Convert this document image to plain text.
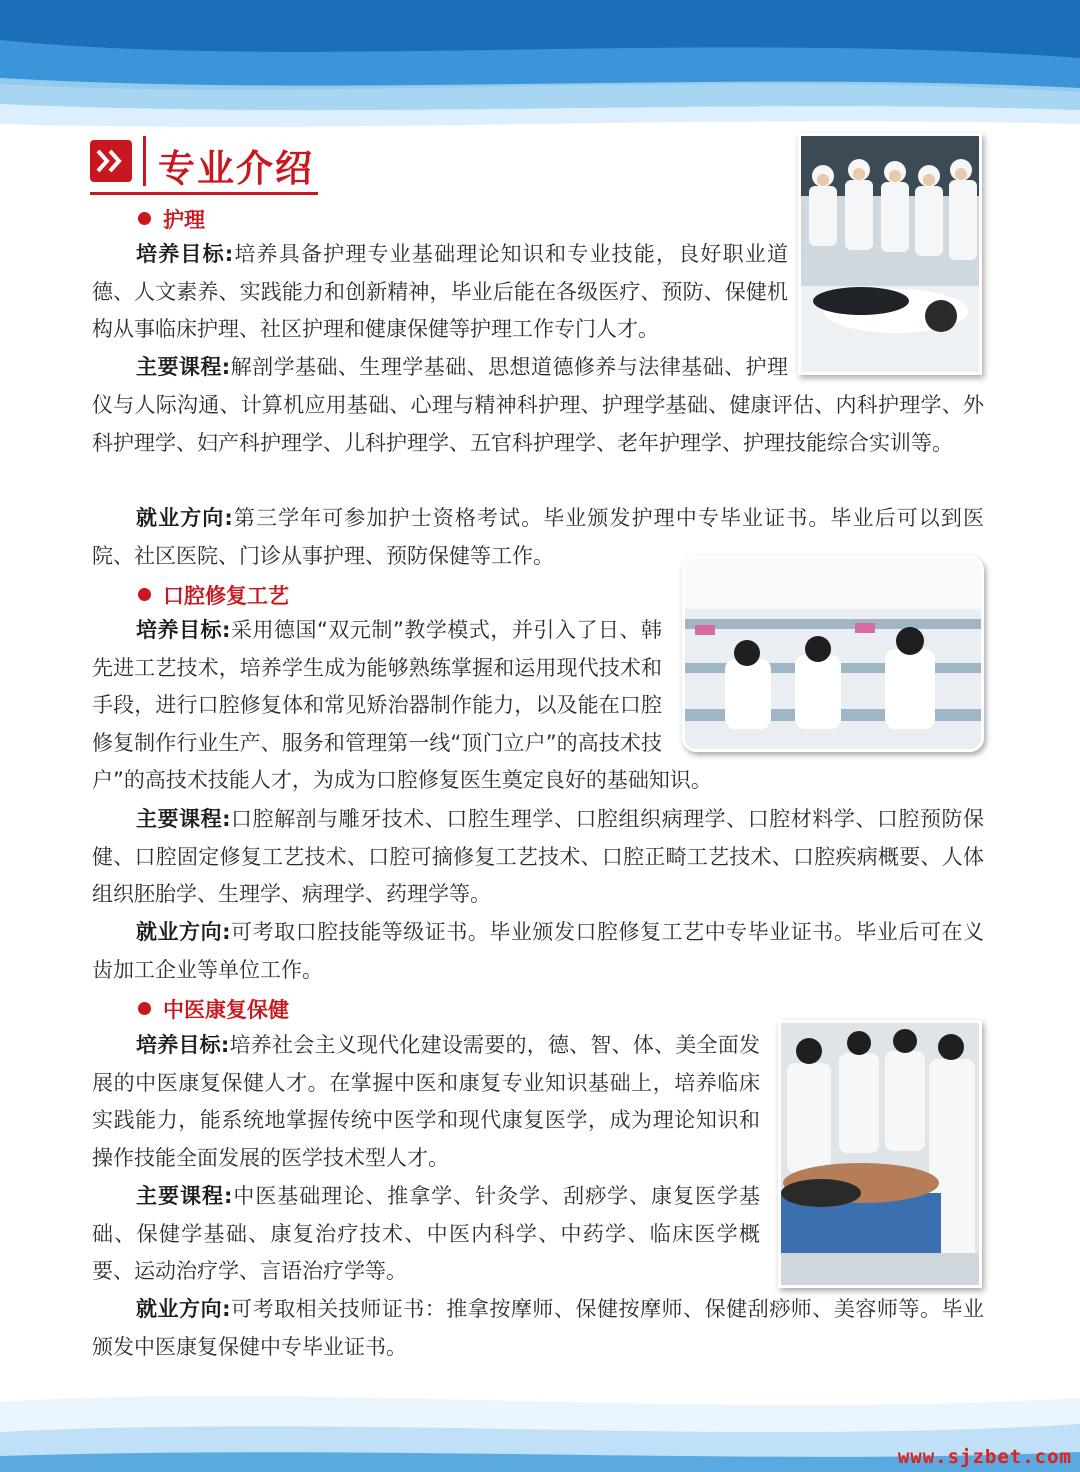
专业介绍
护理

培养目标:培养具备护理专业基础理论知识和专业技能，良好职业道德、人文素养、实践能力和创新精神，毕业后能在各级医疗、预防、保健机构从事临床护理、社区护理和健康保健等护理工作专门人才。

主要课程:解剖学基础、生理学基础、思想道德修养与法律基础、护理

仪与人际沟通、计算机应用基础、心理与精神科护理、护理学基础、健康评估、内科护理学、外科护理学、妇产科护理学、儿科护理学、五官科护理学、老年护理学、护理技能综合实训等。

就业方向:第三学年可参加护士资格考试。毕业颁发护理中专毕业证书。毕业后可以到医院、社区医院、门诊从事护理、预防保健等工作。

口腔修复工艺

培养目标:采用德国“双元制”教学模式，并引入了日、韩先进工艺技术，培养学生成为能够熟练掌握和运用现代技术和手段，进行口腔修复体和常见矫治器制作能力，以及能在口腔修复制作行业生产、服务和管理第一线“顶门立户”的高技术技

户”的高技术技能人才，为成为口腔修复医生奠定良好的基础知识。

主要课程:口腔解剖与雕牙技术、口腔生理学、口腔组织病理学、口腔材料学、口腔预防保健、口腔固定修复工艺技术、口腔可摘修复工艺技术、口腔正畸工艺技术、口腔疾病概要、人体组织胚胎学、生理学、病理学、药理学等。

就业方向:可考取口腔技能等级证书。毕业颁发口腔修复工艺中专毕业证书。毕业后可在义齿加工企业等单位工作。

中医康复保健

培养目标:培养社会主义现代化建设需要的，德、智、体、美全面发展的中医康复保健人才。在掌握中医和康复专业知识基础上，培养临床实践能力，能系统地掌握传统中医学和现代康复医学，成为理论知识和操作技能全面发展的医学技术型人才。

主要课程:中医基础理论、推拿学、针灸学、刮痧学、康复医学基础、保健学基础、康复治疗技术、中医内科学、中药学、临床医学概要、运动治疗学、言语治疗学等。

就业方向:可考取相关技师证书：推拿按摩师、保健按摩师、保健刮痧师、美容师等。毕业颁发中医康复保健中专毕业证书。

www.sjzbet.com
